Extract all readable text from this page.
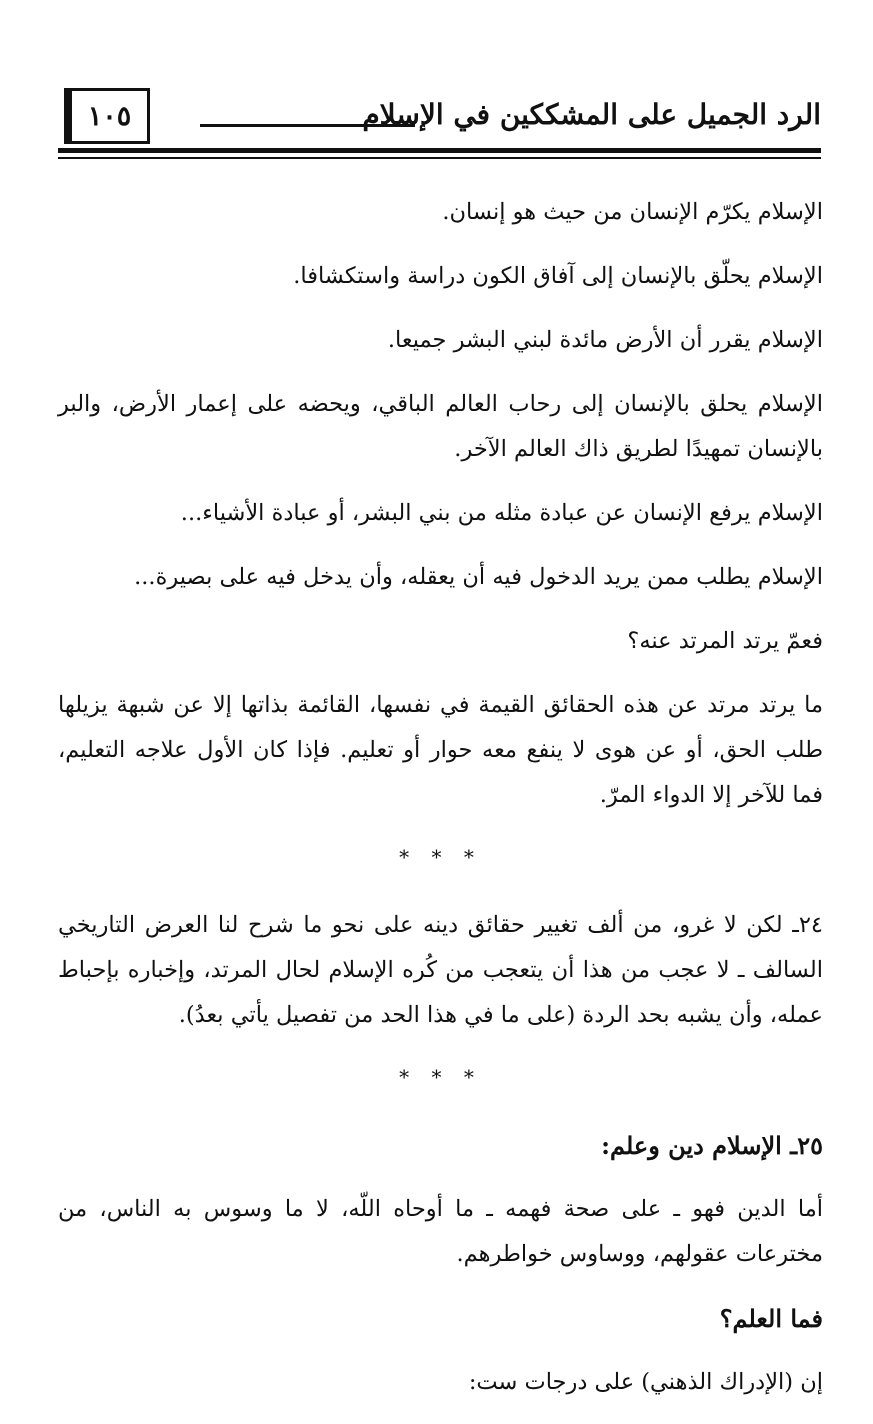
١٠٥	الرد الجميل على المشككين في الإسلام

الإسلام يكرّم الإنسان من حيث هو إنسان.

الإسلام يحلّق بالإنسان إلى آفاق الكون دراسة واستكشافا.

الإسلام يقرر أن الأرض مائدة لبني البشر جميعا.

الإسلام يحلق بالإنسان إلى رحاب العالم الباقي، ويحضه على إعمار الأرض، والبر بالإنسان تمهيدًا لطريق ذاك العالم الآخر.

الإسلام يرفع الإنسان عن عبادة مثله من بني البشر، أو عبادة الأشياء...

الإسلام يطلب ممن يريد الدخول فيه أن يعقله، وأن يدخل فيه على بصيرة...

فعمّ يرتد المرتد عنه؟

ما يرتد مرتد عن هذه الحقائق القيمة في نفسها، القائمة بذاتها إلا عن شبهة يزيلها طلب الحق، أو عن هوى لا ينفع معه حوار أو تعليم. فإذا كان الأول علاجه التعليم، فما للآخر إلا الدواء المرّ.

* * *

٢٤ـ لكن لا غرو، من ألف تغيير حقائق دينه على نحو ما شرح لنا العرض التاريخي السالف ـ لا عجب من هذا أن يتعجب من كُره الإسلام لحال المرتد، وإخباره بإحباط عمله، وأن يشبه بحد الردة (على ما في هذا الحد من تفصيل يأتي بعدُ).

* * *

٢٥ـ الإسلام دين وعلم:

أما الدين فهو ـ على صحة فهمه ـ ما أوحاه اللّه، لا ما وسوس به الناس، من مخترعات عقولهم، ووساوس خواطرهم.

فما العلم؟

إن (الإدراك الذهني) على درجات ست:
